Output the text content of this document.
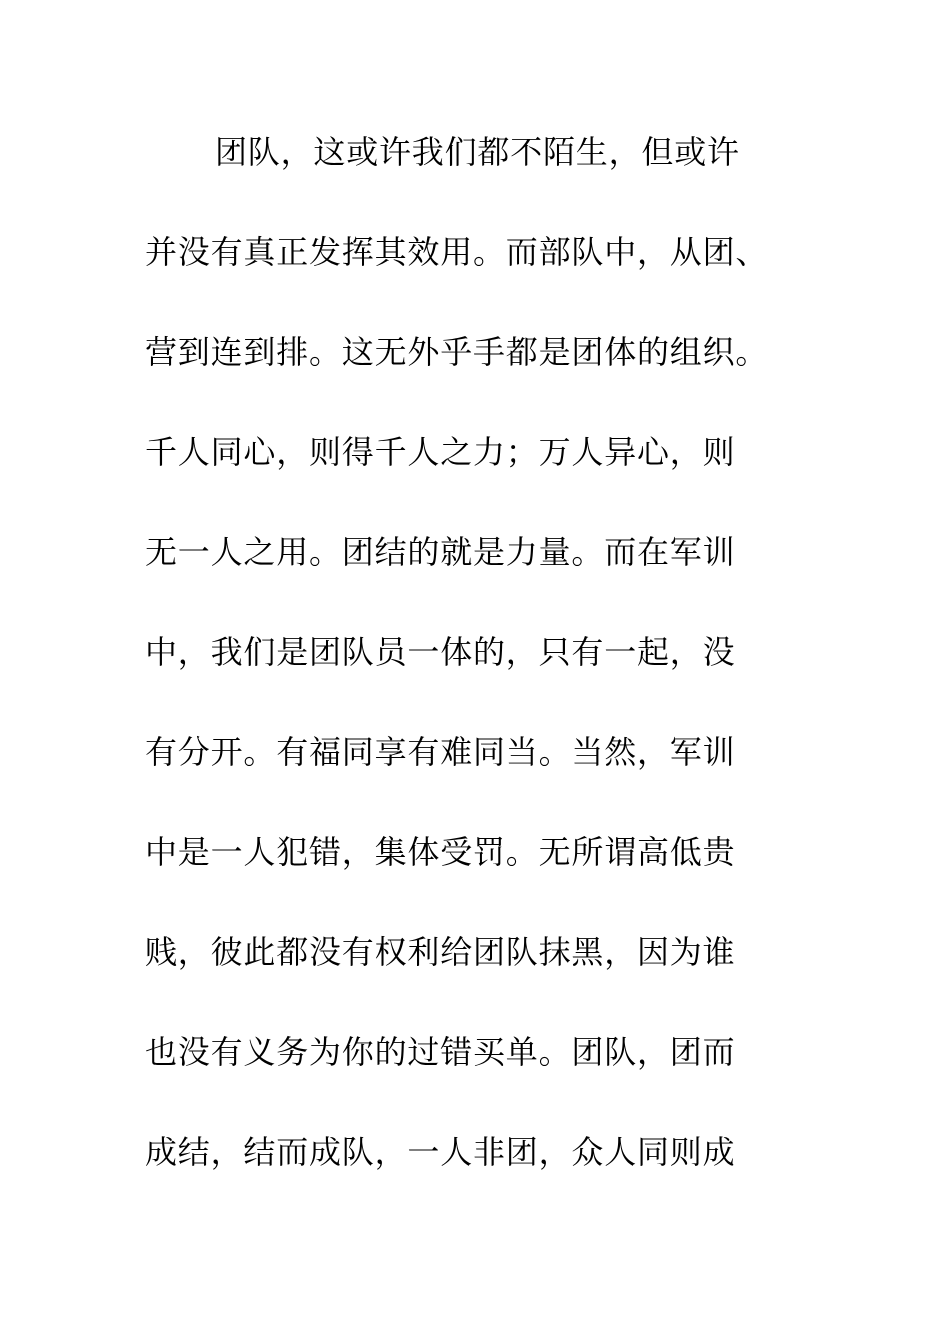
团队，这或许我们都不陌生，但或许
并没有真正发挥其效用。而部队中，从团、
营到连到排。这无外乎手都是团体的组织。
千人同心，则得千人之力；万人异心，则
无一人之用。团结的就是力量。而在军训
中，我们是团队员一体的，只有一起，没
有分开。有福同享有难同当。当然，军训
中是一人犯错，集体受罚。无所谓高低贵
贱，彼此都没有权利给团队抹黑，因为谁
也没有义务为你的过错买单。团队，团而
成结，结而成队，一人非团，众人同则成
